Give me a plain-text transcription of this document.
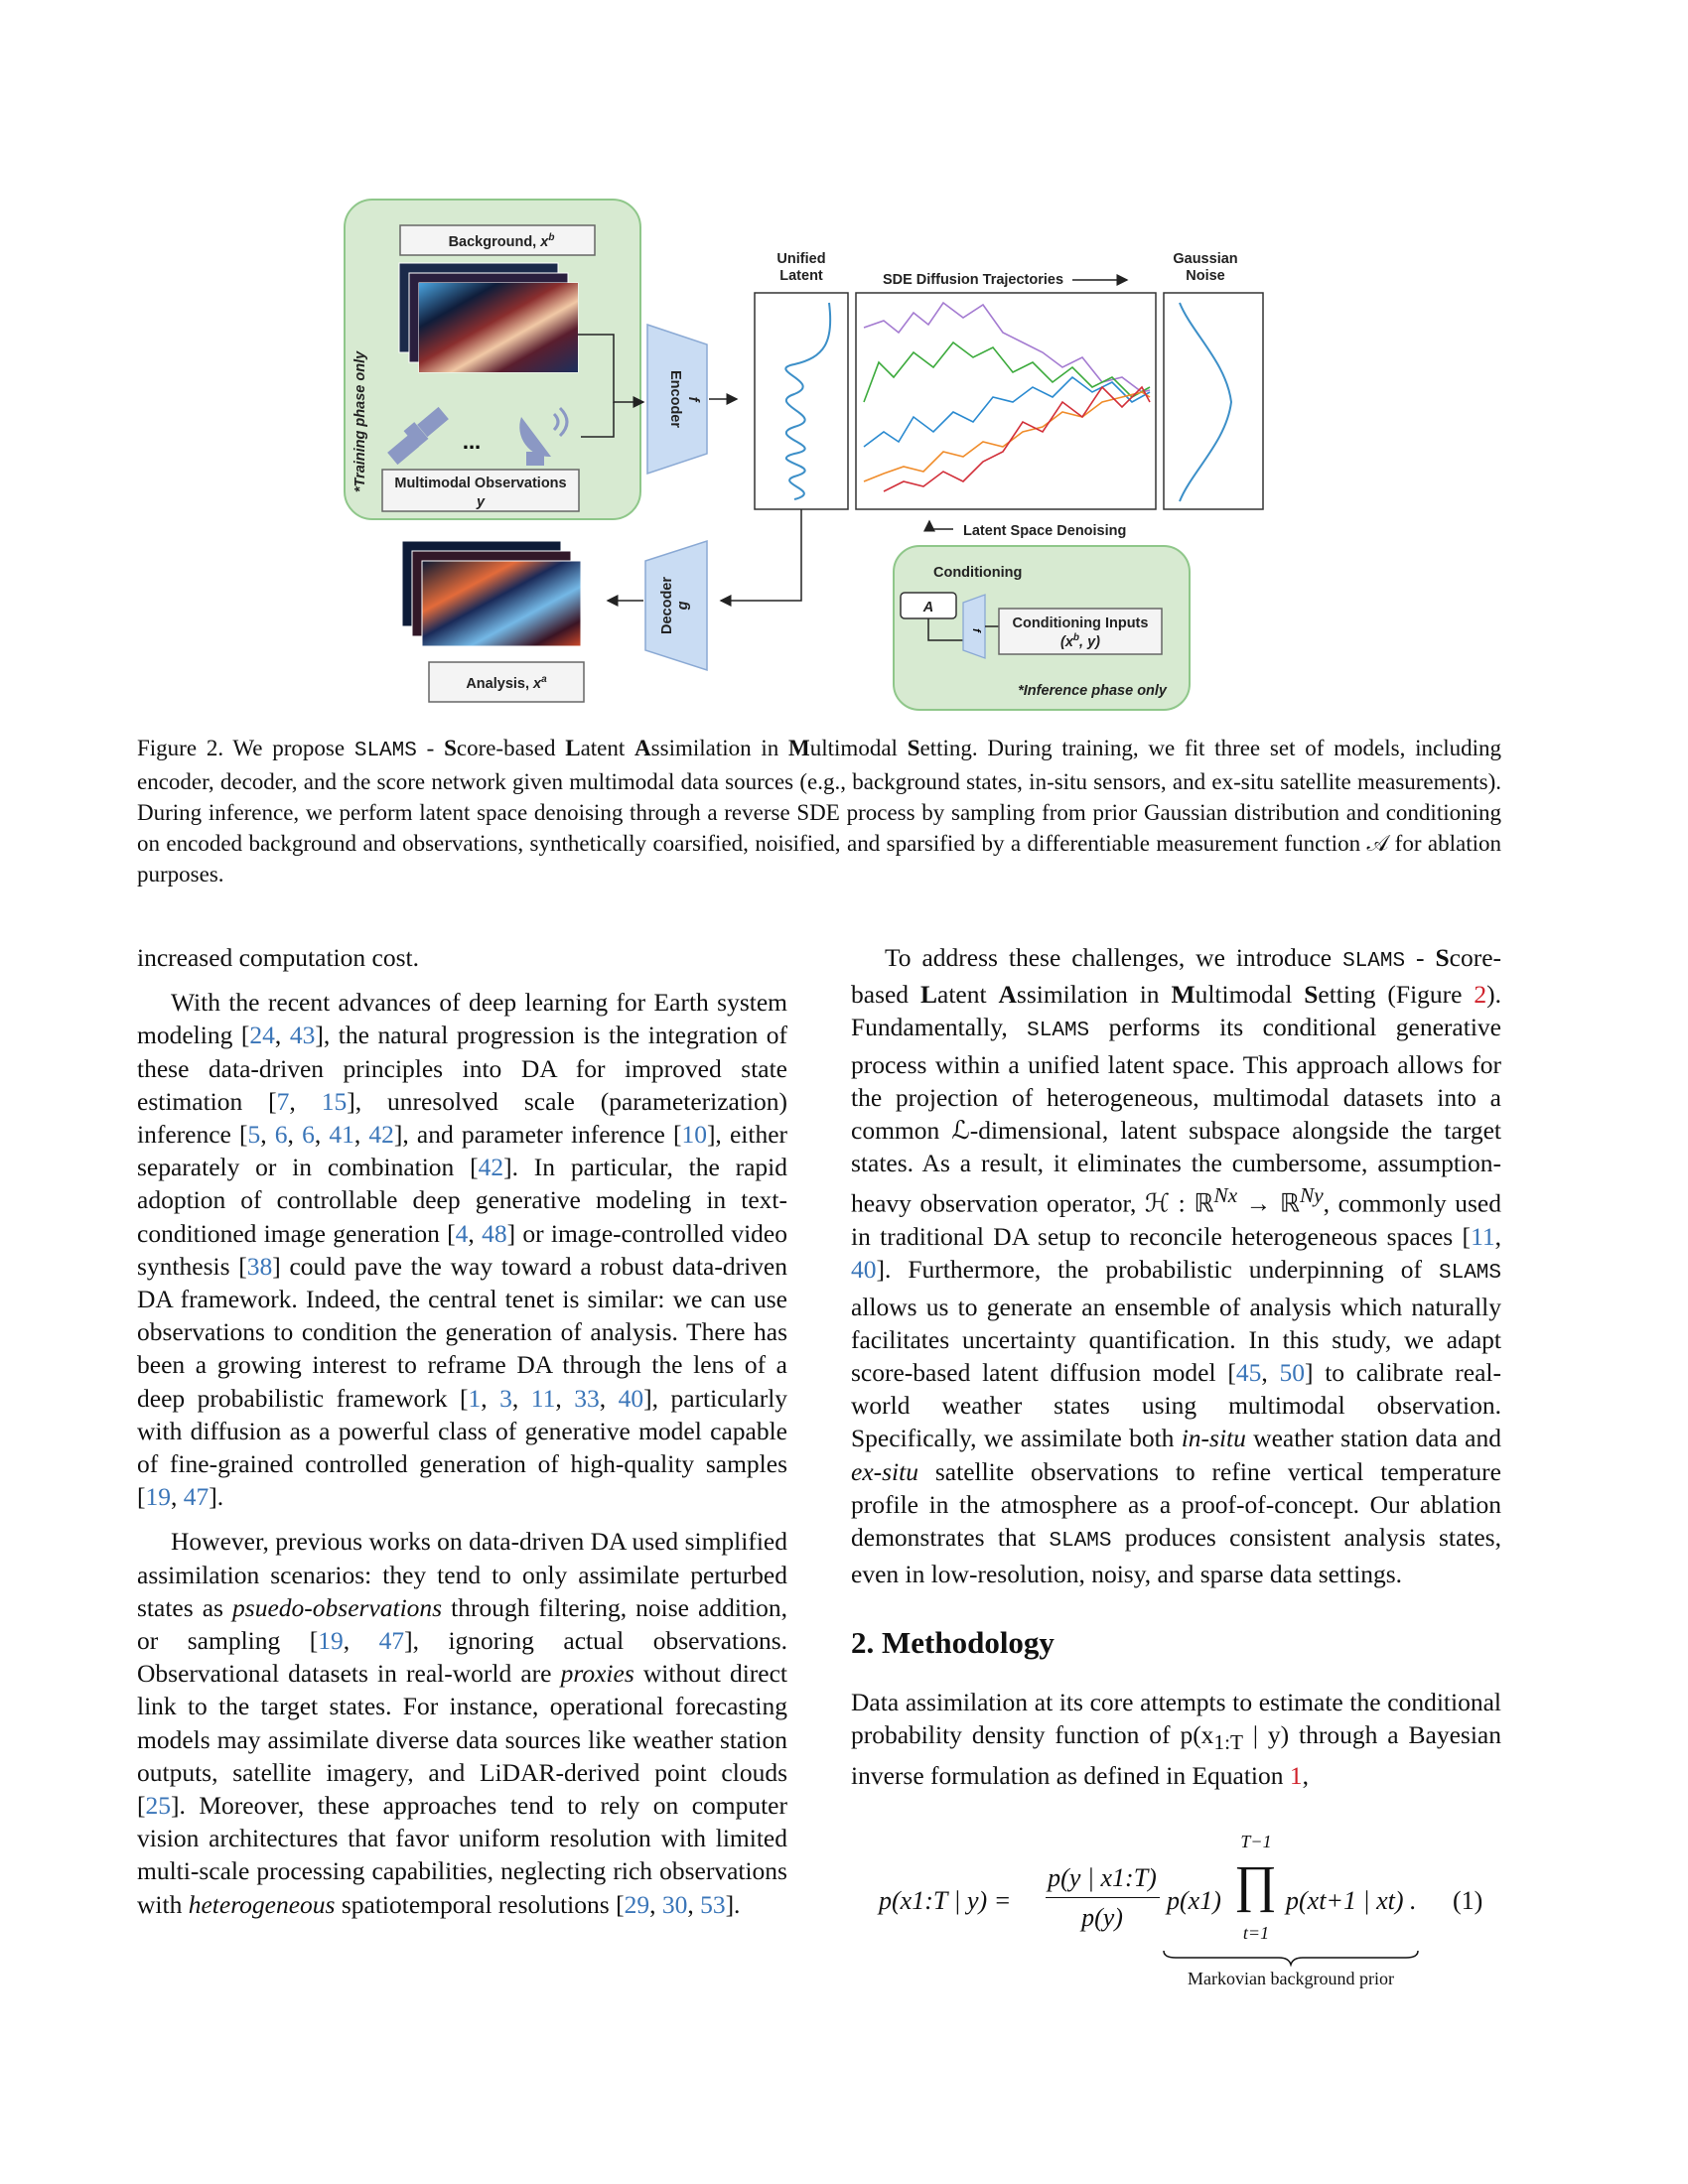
Background, $x^b$
...
Multimodal Observations
y
*Training phase only	Encoder f
Unified
Latent	SDE Diffusion Trajectories
Gaussian
Noise
Latent Space Denoising
Conditioning
A
f Conditioning Inputs
($x^b$, y)
*Inference phase only
Decoder g
Analysis, $x^a$
Figure 2. We propose SLAMS - Score-based Latent Assimilation in Multimodal Setting. During training, we fit three set of models, including encoder, decoder, and the score network given multimodal data sources (e.g., background states, in-situ sensors, and ex-situ satellite measurements). During inference, we perform latent space denoising through a reverse SDE process by sampling from prior Gaussian distribution and conditioning on encoded background and observations, synthetically coarsified, noisified, and sparsified by a differentiable measurement function 𝒜 for ablation purposes.

increased computation cost.

With the recent advances of deep learning for Earth system modeling [24, 43], the natural progression is the integration of these data-driven principles into DA for improved state estimation [7, 15], unresolved scale (parameterization) inference [5, 6, 6, 41, 42], and parameter inference [10], either separately or in combination [42]. In particular, the rapid adoption of controllable deep generative modeling in text-conditioned image generation [4, 48] or image-controlled video synthesis [38] could pave the way toward a robust data-driven DA framework. Indeed, the central tenet is similar: we can use observations to condition the generation of analysis. There has been a growing interest to reframe DA through the lens of a deep probabilistic framework [1, 3, 11, 33, 40], particularly with diffusion as a powerful class of generative model capable of fine-grained controlled generation of high-quality samples [19, 47].

However, previous works on data-driven DA used simplified assimilation scenarios: they tend to only assimilate perturbed states as psuedo-observations through filtering, noise addition, or sampling [19, 47], ignoring actual observations. Observational datasets in real-world are proxies without direct link to the target states. For instance, operational forecasting models may assimilate diverse data sources like weather station outputs, satellite imagery, and LiDAR-derived point clouds [25]. Moreover, these approaches tend to rely on computer vision architectures that favor uniform resolution with limited multi-scale processing capabilities, neglecting rich observations with heterogeneous spatiotemporal resolutions [29, 30, 53].

To address these challenges, we introduce SLAMS - Score-based Latent Assimilation in Multimodal Setting (Figure 2). Fundamentally, SLAMS performs its conditional generative process within a unified latent space. This approach allows for the projection of heterogeneous, multimodal datasets into a common ℒ-dimensional, latent subspace alongside the target states. As a result, it eliminates the cumbersome, assumption-heavy observation operator, ℋ : ℝ$^{Nx}$ → ℝ$^{Ny}$, commonly used in traditional DA setup to reconcile heterogeneous spaces [11, 40]. Furthermore, the probabilistic underpinning of SLAMS allows us to generate an ensemble of analysis which naturally facilitates uncertainty quantification. In this study, we adapt score-based latent diffusion model [45, 50] to calibrate real-world weather states using multimodal observation. Specifically, we assimilate both in-situ weather station data and ex-situ satellite observations to refine vertical temperature profile in the atmosphere as a proof-of-concept. Our ablation demonstrates that SLAMS produces consistent analysis states, even in low-resolution, noisy, and sparse data settings.

2. Methodology

Data assimilation at its core attempts to estimate the conditional probability density function of $p(x_{1:T}$ | y) through a Bayesian inverse formulation as defined in Equation 1,

p(x1:T | y) =
p(y | x1:T)
p(y)
p(x1)
T−1
∏
t=1
p(xt+1 | xt) . (1)
Markovian background prior
